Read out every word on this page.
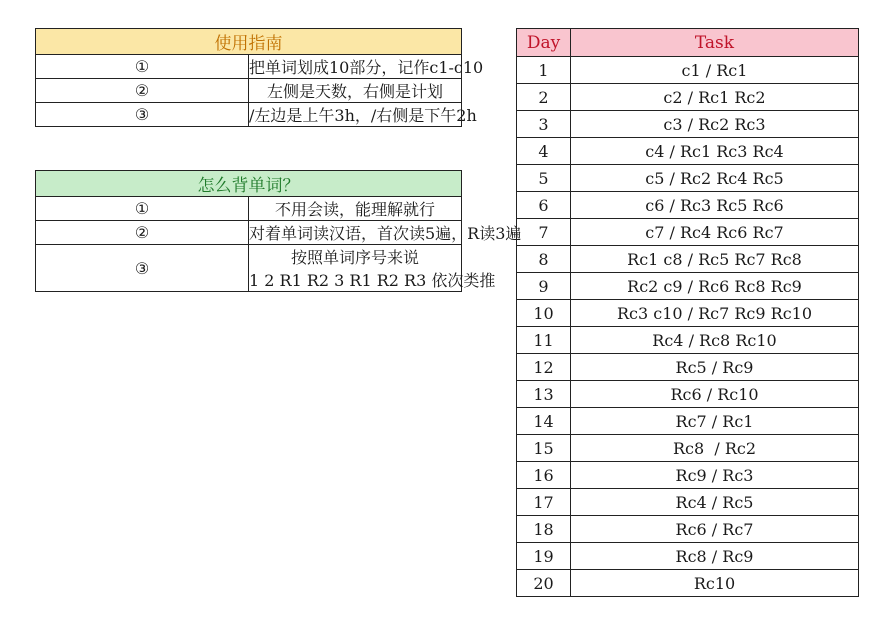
使用指南	
①	把单词划成10部分，记作c1-c10
②	左侧是天数，右侧是计划
③	/左边是上午3h，/右侧是下午2h
怎么背单词？	
①	不用会读，能理解就行
②	对着单词读汉语，首次读5遍，R读3遍
③	按照单词序号来说
	1 2 R1 R2 3 R1 R2 R3 依次类推
Day	Task
1	c1 / Rc1
2	c2 / Rc1 Rc2
3	c3 / Rc2 Rc3
4	c4 / Rc1 Rc3 Rc4
5	c5 / Rc2 Rc4 Rc5
6	c6 / Rc3 Rc5 Rc6
7	c7 / Rc4 Rc6 Rc7
8	Rc1 c8 / Rc5 Rc7 Rc8
9	Rc2 c9 / Rc6 Rc8 Rc9
10	Rc3 c10 / Rc7 Rc9 Rc10
11	Rc4 / Rc8 Rc10
12	Rc5 / Rc9
13	Rc6 / Rc10
14	Rc7 / Rc1
15	Rc8  / Rc2
16	Rc9 / Rc3
17	Rc4 / Rc5
18	Rc6 / Rc7
19	Rc8 / Rc9
20	Rc10
